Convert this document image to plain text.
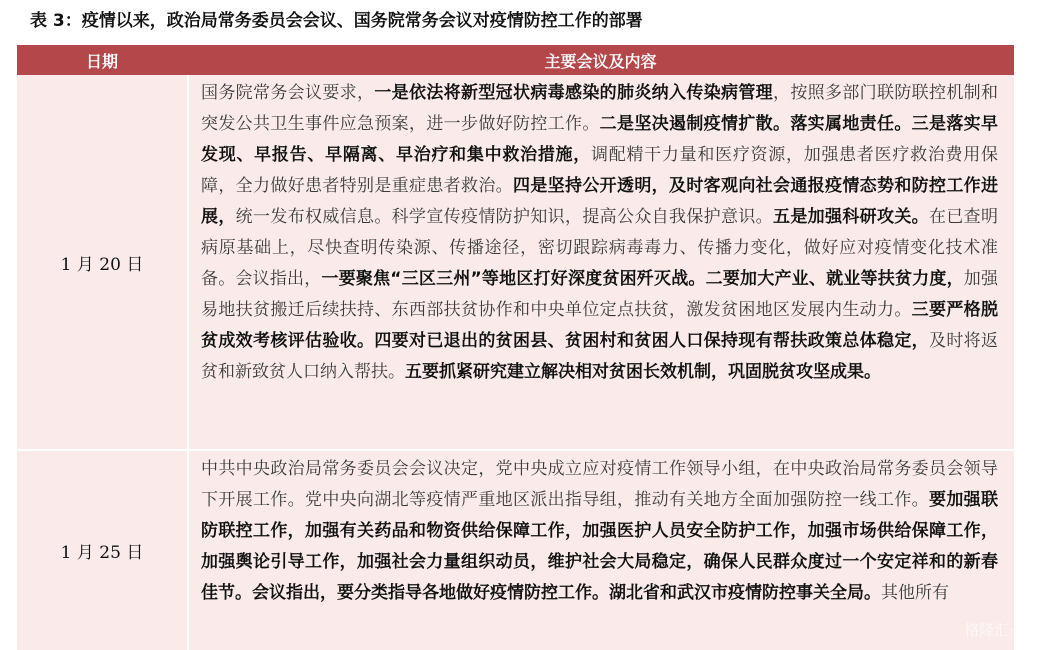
表 3：疫情以来，政治局常务委员会会议、国务院常务会议对疫情防控工作的部署
日期	主要会议及内容
1 月 20 日
国务院常务会议要求，一是依法将新型冠状病毒感染的肺炎纳入传染病管理，按照多部门联防联控机制和突发公共卫生事件应急预案，进一步做好防控工作。二是坚决遏制疫情扩散。落实属地责任。三是落实早发现、早报告、早隔离、早治疗和集中救治措施，调配精干力量和医疗资源，加强患者医疗救治费用保障，全力做好患者特别是重症患者救治。四是坚持公开透明，及时客观向社会通报疫情态势和防控工作进展，统一发布权威信息。科学宣传疫情防护知识，提高公众自我保护意识。五是加强科研攻关。在已查明病原基础上，尽快查明传染源、传播途径，密切跟踪病毒毒力、传播力变化，做好应对疫情变化技术准备。会议指出，一要聚焦“三区三州”等地区打好深度贫困歼灭战。二要加大产业、就业等扶贫力度，加强易地扶贫搬迁后续扶持、东西部扶贫协作和中央单位定点扶贫，激发贫困地区发展内生动力。三要严格脱贫成效考核评估验收。四要对已退出的贫困县、贫困村和贫困人口保持现有帮扶政策总体稳定，及时将返贫和新致贫人口纳入帮扶。五要抓紧研究建立解决相对贫困长效机制，巩固脱贫攻坚成果。
1 月 25 日
中共中央政治局常务委员会会议决定，党中央成立应对疫情工作领导小组，在中央政治局常务委员会领导下开展工作。党中央向湖北等疫情严重地区派出指导组，推动有关地方全面加强防控一线工作。要加强联防联控工作，加强有关药品和物资供给保障工作，加强医护人员安全防护工作，加强市场供给保障工作，加强舆论引导工作，加强社会力量组织动员，维护社会大局稳定，确保人民群众度过一个安定祥和的新春佳节。会议指出，要分类指导各地做好疫情防控工作。湖北省和武汉市疫情防控事关全局。其他所有
格隆汇·家
